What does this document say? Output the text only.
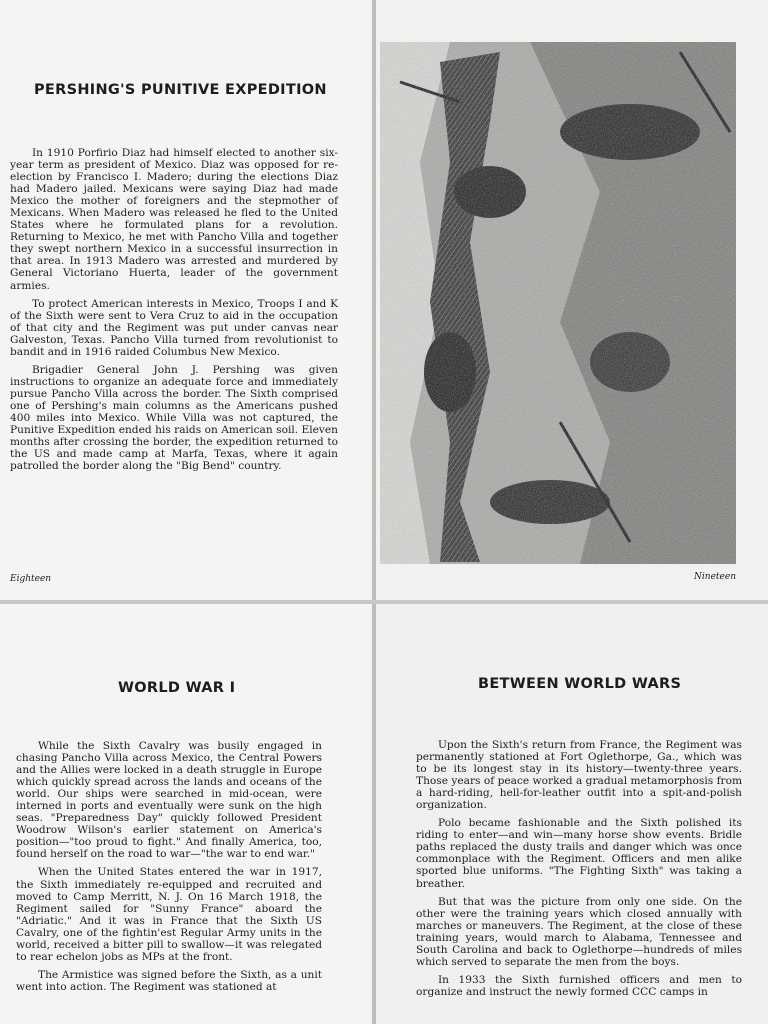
PERSHING'S PUNITIVE EXPEDITION

In 1910 Porfirio Diaz had himself elected to another six-year term as president of Mexico. Diaz was opposed for re-election by Francisco I. Madero; during the elections Diaz had Madero jailed. Mexicans were saying Diaz had made Mexico the mother of foreigners and the stepmother of Mexicans. When Madero was released he fled to the United States where he formulated plans for a revolution. Returning to Mexico, he met with Pancho Villa and together they swept northern Mexico in a successful insurrection in that area. In 1913 Madero was arrested and murdered by General Victoriano Huerta, leader of the government armies.

To protect American interests in Mexico, Troops I and K of the Sixth were sent to Vera Cruz to aid in the occupation of that city and the Regiment was put under canvas near Galveston, Texas. Pancho Villa turned from revolutionist to bandit and in 1916 raided Columbus New Mexico.

Brigadier General John J. Pershing was given instructions to organize an adequate force and immediately pursue Pancho Villa across the border. The Sixth comprised one of Pershing's main columns as the Americans pushed 400 miles into Mexico. While Villa was not captured, the Punitive Expedition ended his raids on American soil. Eleven months after crossing the border, the expedition returned to the US and made camp at Marfa, Texas, where it again patrolled the border along the "Big Bend" country.

Eighteen	Nineteen
WORLD WAR I

While the Sixth Cavalry was busily engaged in chasing Pancho Villa across Mexico, the Central Powers and the Allies were locked in a death struggle in Europe which quickly spread across the lands and oceans of the world. Our ships were searched in mid-ocean, were interned in ports and eventually were sunk on the high seas. "Preparedness Day" quickly followed President Woodrow Wilson's earlier statement on America's position—"too proud to fight." And finally America, too, found herself on the road to war—"the war to end war."

When the United States entered the war in 1917, the Sixth immediately re-equipped and recruited and moved to Camp Merritt, N. J. On 16 March 1918, the Regiment sailed for "Sunny France" aboard the "Adriatic." And it was in France that the Sixth US Cavalry, one of the fightin'est Regular Army units in the world, received a bitter pill to swallow—it was relegated to rear echelon jobs as MPs at the front.

The Armistice was signed before the Sixth, as a unit went into action. The Regiment was stationed at

BETWEEN WORLD WARS

Upon the Sixth's return from France, the Regiment was permanently stationed at Fort Oglethorpe, Ga., which was to be its longest stay in its history—twenty-three years. Those years of peace worked a gradual metamorphosis from a hard-riding, hell-for-leather outfit into a spit-and-polish organization.

Polo became fashionable and the Sixth polished its riding to enter—and win—many horse show events. Bridle paths replaced the dusty trails and danger which was once commonplace with the Regiment. Officers and men alike sported blue uniforms. "The Fighting Sixth" was taking a breather.

But that was the picture from only one side. On the other were the training years which closed annually with marches or maneuvers. The Regiment, at the close of these training years, would march to Alabama, Tennessee and South Carolina and back to Oglethorpe—hundreds of miles which served to separate the men from the boys.

In 1933 the Sixth furnished officers and men to organize and instruct the newly formed CCC camps in
